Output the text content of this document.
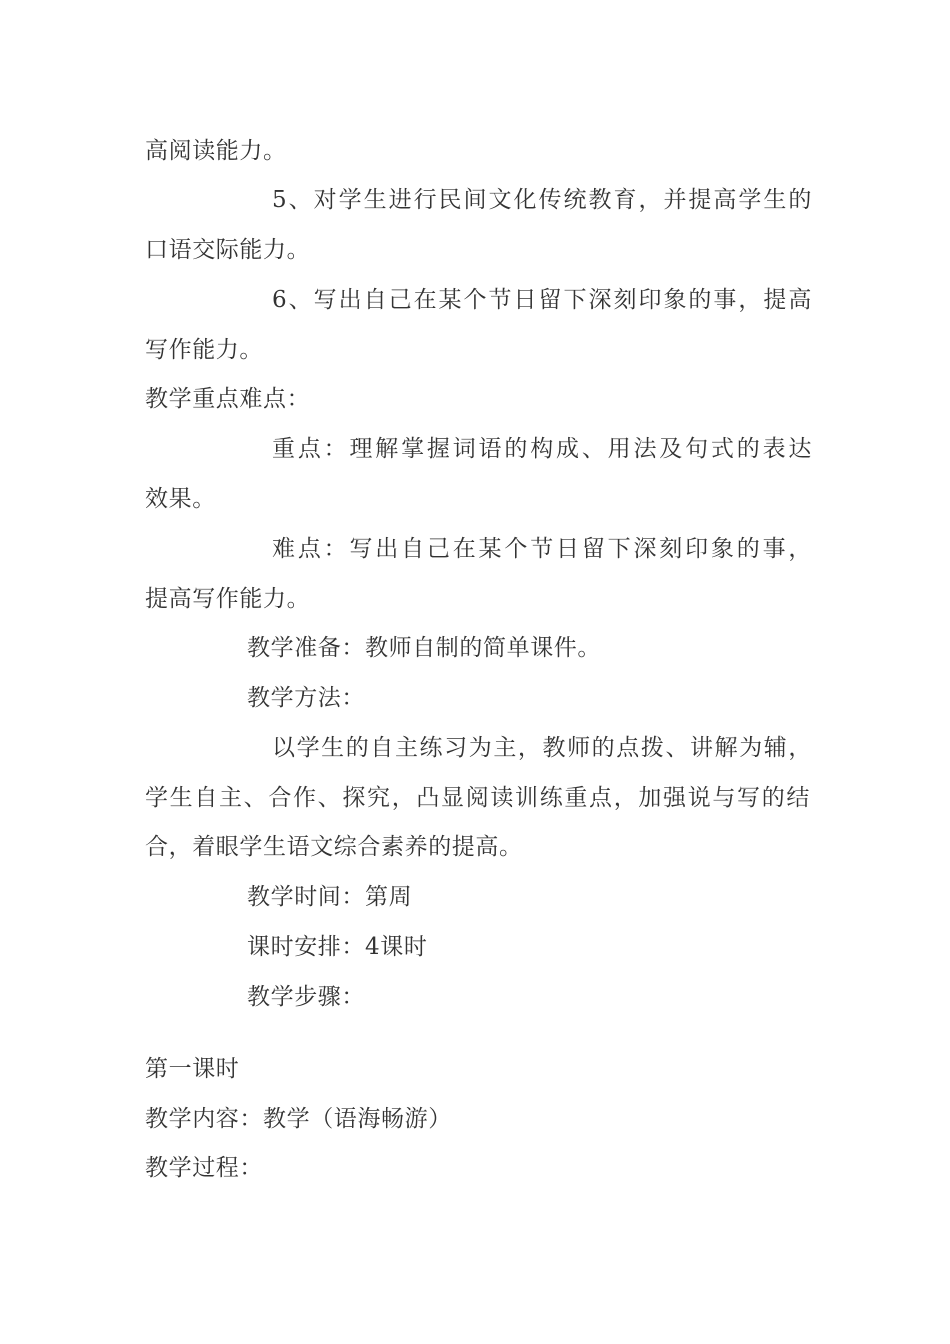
高阅读能力。
5、对学生进行民间文化传统教育，并提高学生的
口语交际能力。
6、写出自己在某个节日留下深刻印象的事，提高
写作能力。
教学重点难点：
重点：理解掌握词语的构成、用法及句式的表达
效果。
难点：写出自己在某个节日留下深刻印象的事，
提高写作能力。
教学准备：教师自制的简单课件。
教学方法：
以学生的自主练习为主，教师的点拨、讲解为辅，
学生自主、合作、探究，凸显阅读训练重点，加强说与写的结
合，着眼学生语文综合素养的提高。
教学时间：第周
课时安排：4课时
教学步骤：
第一课时
教学内容：教学（语海畅游）
教学过程：
